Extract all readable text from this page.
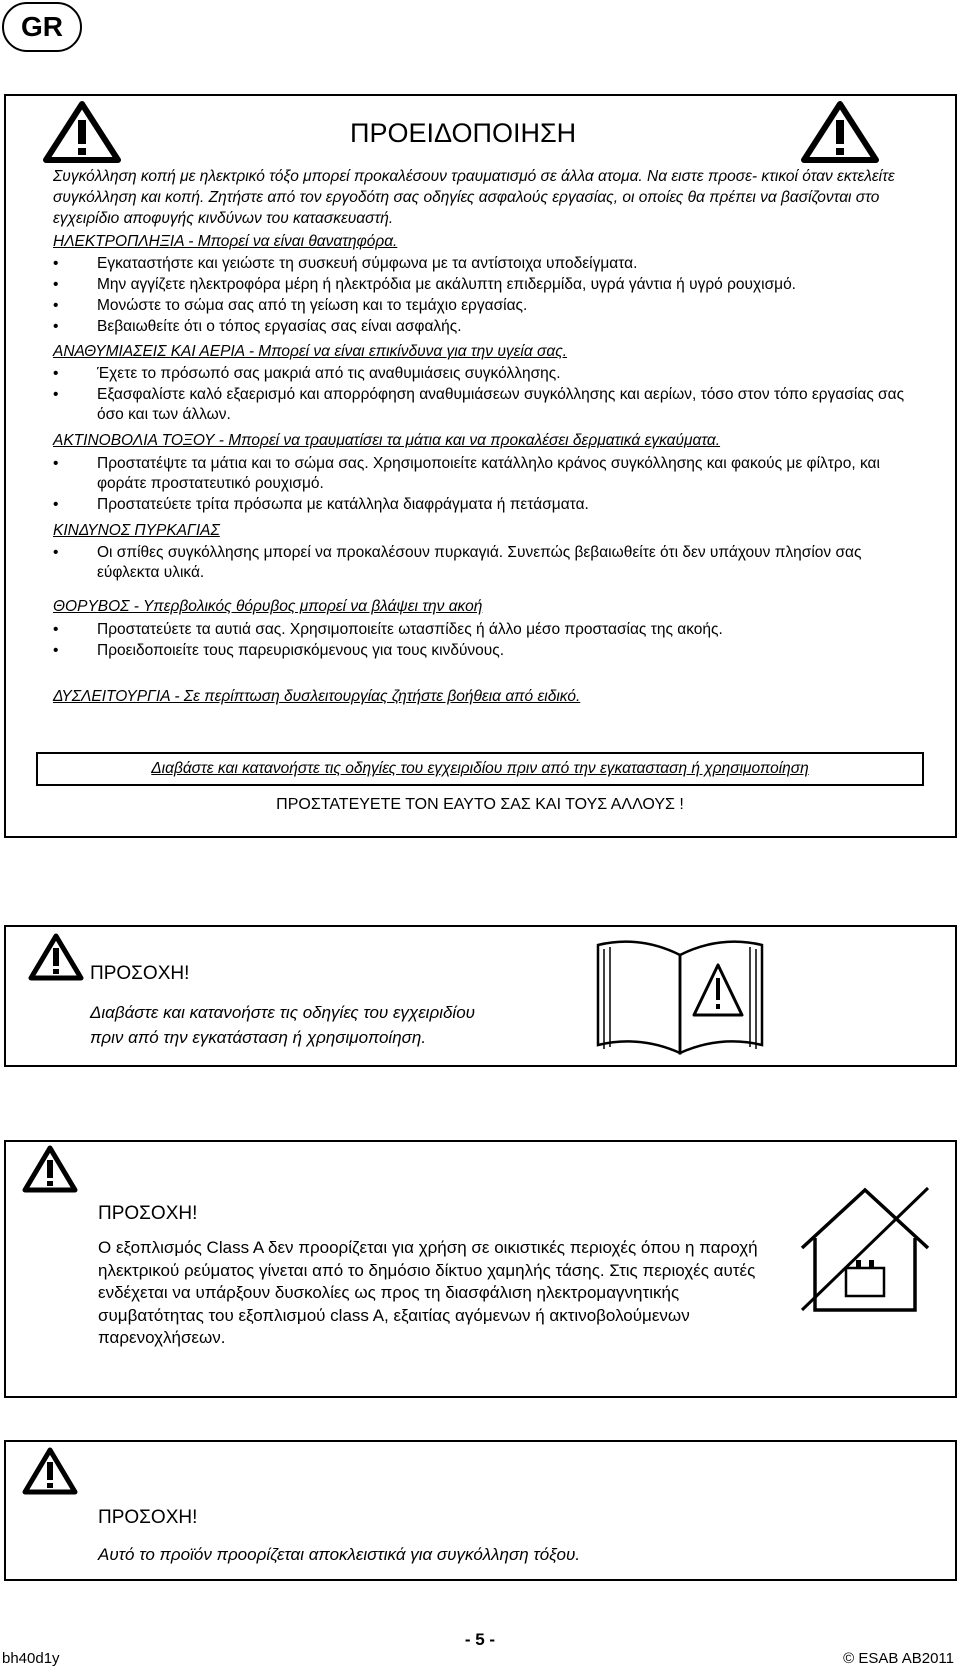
GR
ΠΡΟΕΙΔΟΠΟΙΗΣΗ
Συγκόλληση κοπή με ηλεκτρικό τόξο μπορεί προκαλέσουν τραυματισμό σε άλλα ατομα. Να ειστε προσε- κτικοί όταν εκτελείτε συγκόλληση και κοπή. Ζητήστε από τον εργοδότη σας οδηγίες ασφαλούς εργασίας, οι οποίες θα πρέπει να βασίζονται στο εγχειρίδιο αποφυγής κινδύνων του κατασκευαστή.
ΗΛΕΚΤΡΟΠΛΗΞΙΑ - Μπορεί να είναι θανατηφόρα.
• Εγκαταστήστε και γειώστε τη συσκευή σύμφωνα με τα αντίστοιχα υποδείγματα.
• Μην αγγίζετε ηλεκτροφόρα μέρη ή ηλεκτρόδια με ακάλυπτη επιδερμίδα, υγρά γάντια ή υγρό ρουχισμό.
• Μονώστε το σώμα σας από τη γείωση και το τεμάχιο εργασίας.
• Βεβαιωθείτε ότι ο τόπος εργασίας σας είναι ασφαλής.
ΑΝΑΘΥΜΙΑΣΕΙΣ ΚΑΙ ΑΕΡΙΑ - Μπορεί να είναι επικίνδυνα για την υγεία σας.
• Έχετε το πρόσωπό σας μακριά από τις αναθυμιάσεις συγκόλλησης.
• Εξασφαλίστε καλό εξαερισμό και απορρόφηση αναθυμιάσεων συγκόλλησης και αερίων, τόσο στον τόπο εργασίας σας όσο και των άλλων.
ΑΚΤΙΝΟΒΟΛΙΑ ΤΟΞΟΥ - Μπορεί να τραυματίσει τα μάτια και να προκαλέσει δερματικά εγκαύματα.
• Προστατέψτε τα μάτια και το σώμα σας. Χρησιμοποιείτε κατάλληλο κράνος συγκόλλησης και φακούς με φίλτρο, και φοράτε προστατευτικό ρουχισμό.
• Προστατεύετε τρίτα πρόσωπα με κατάλληλα διαφράγματα ή πετάσματα.
ΚΙΝΔΥΝΟΣ ΠΥΡΚΑΓΙΑΣ
• Οι σπίθες συγκόλλησης μπορεί να προκαλέσουν πυρκαγιά. Συνεπώς βεβαιωθείτε ότι δεν υπάχουν πλησίον σας εύφλεκτα υλικά.
ΘΟΡΥΒΟΣ - Υπερβολικός θόρυβος μπορεί να βλάψει την ακοή
• Προστατεύετε τα αυτιά σας. Χρησιμοποιείτε ωτασπίδες ή άλλο μέσο προστασίας της ακοής.
• Προειδοποιείτε τους παρευρισκόμενους για τους κινδύνους.
ΔΥΣΛΕΙΤΟΥΡΓΙΑ - Σε περίπτωση δυσλειτουργίας ζητήστε βοήθεια από ειδικό.
Διαβάστε και κατανοήστε τις οδηγίες του εγχειριδίου πριν από την εγκατασταση ή χρησιμοποίηση
ΠΡΟΣΤΑΤΕΥΕΤΕ ΤΟΝ ΕΑΥΤΟ ΣΑΣ ΚΑΙ ΤΟΥΣ ΑΛΛΟΥΣ !
ΠΡΟΣΟΧΗ!
Διαβάστε και κατανοήστε τις οδηγίες του εγχειριδίου
πριν από την εγκατάσταση ή χρησιμοποίηση.
ΠΡΟΣΟΧΗ!
Ο εξοπλισμός Class A δεν προορίζεται για χρήση σε οικιστικές περιοχές όπου η παροχή ηλεκτρικού ρεύματος γίνεται από το δημόσιο δίκτυο χαμηλής τάσης. Στις περιοχές αυτές ενδέχεται να υπάρξουν δυσκολίες ως προς τη διασφάλιση ηλεκτρομαγνητικής συμβατότητας του εξοπλισμού class A, εξαιτίας αγόμενων ή ακτινοβολούμενων παρενοχλήσεων.
ΠΡΟΣΟΧΗ!
Αυτό το προϊόν προορίζεται αποκλειστικά για συγκόλληση τόξου.
bh40d1y
- 5 -
© ESAB AB2011
